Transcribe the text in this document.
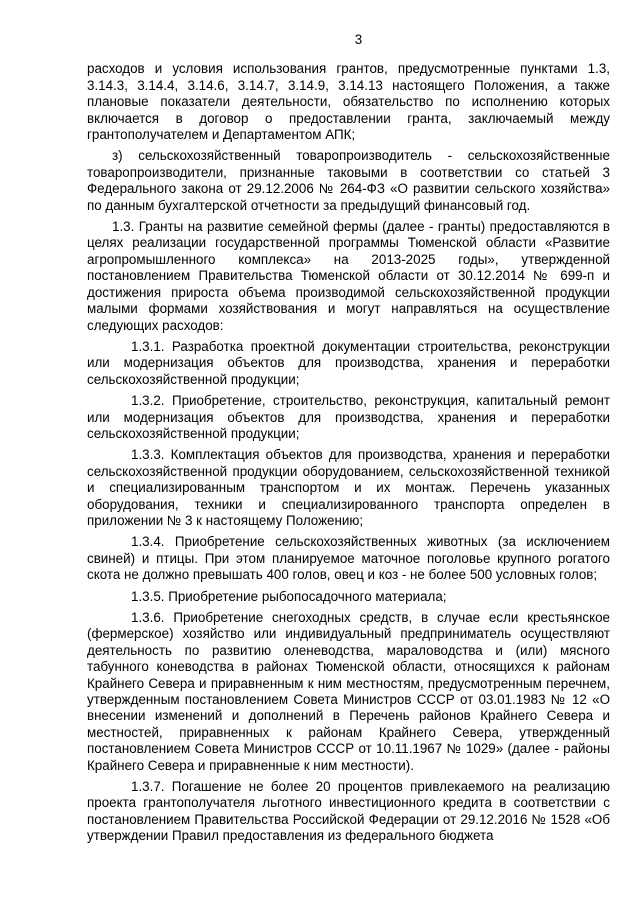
3
расходов и условия использования грантов, предусмотренные пунктами 1.3, 3.14.3, 3.14.4, 3.14.6, 3.14.7, 3.14.9, 3.14.13 настоящего Положения, а также плановые показатели деятельности, обязательство по исполнению которых включается в договор о предоставлении гранта, заключаемый между грантополучателем и Департаментом АПК;
з) сельскохозяйственный товаропроизводитель - сельскохозяйственные товаропроизводители, признанные таковыми в соответствии со статьей 3 Федерального закона от 29.12.2006 № 264-ФЗ «О развитии сельского хозяйства» по данным бухгалтерской отчетности за предыдущий финансовый год.
1.3. Гранты на развитие семейной фермы (далее - гранты) предоставляются в целях реализации государственной программы Тюменской области «Развитие агропромышленного комплекса» на 2013-2025 годы», утвержденной постановлением Правительства Тюменской области от 30.12.2014 № 699-п и достижения прироста объема производимой сельскохозяйственной продукции малыми формами хозяйствования и могут направляться на осуществление следующих расходов:
1.3.1. Разработка проектной документации строительства, реконструкции или модернизация объектов для производства, хранения и переработки сельскохозяйственной продукции;
1.3.2. Приобретение, строительство, реконструкция, капитальный ремонт или модернизация объектов для производства, хранения и переработки сельскохозяйственной продукции;
1.3.3. Комплектация объектов для производства, хранения и переработки сельскохозяйственной продукции оборудованием, сельскохозяйственной техникой и специализированным транспортом и их монтаж. Перечень указанных оборудования, техники и специализированного транспорта определен в приложении № 3 к настоящему Положению;
1.3.4. Приобретение сельскохозяйственных животных (за исключением свиней) и птицы. При этом планируемое маточное поголовье крупного рогатого скота не должно превышать 400 голов, овец и коз - не более 500 условных голов;
1.3.5. Приобретение рыбопосадочного материала;
1.3.6. Приобретение снегоходных средств, в случае если крестьянское (фермерское) хозяйство или индивидуальный предприниматель осуществляют деятельность по развитию оленеводства, мараловодства и (или) мясного табунного коневодства в районах Тюменской области, относящихся к районам Крайнего Севера и приравненным к ним местностям, предусмотренным перечнем, утвержденным постановлением Совета Министров СССР от 03.01.1983 № 12 «О внесении изменений и дополнений в Перечень районов Крайнего Севера и местностей, приравненных к районам Крайнего Севера, утвержденный постановлением Совета Министров СССР от 10.11.1967 № 1029» (далее - районы Крайнего Севера и приравненные к ним местности).
1.3.7. Погашение не более 20 процентов привлекаемого на реализацию проекта грантополучателя льготного инвестиционного кредита в соответствии с постановлением Правительства Российской Федерации от 29.12.2016 № 1528 «Об утверждении Правил предоставления из федерального бюджета
